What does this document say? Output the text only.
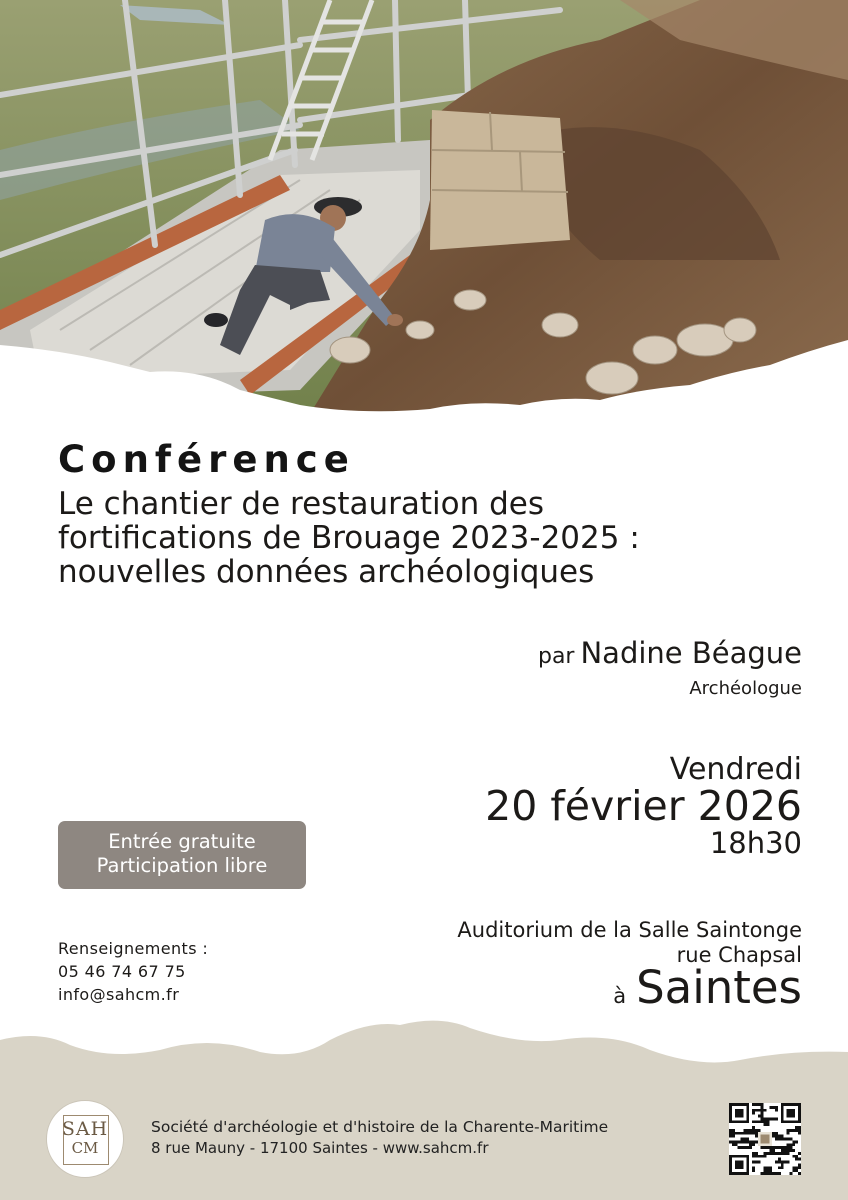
Conférence
Le chantier de restauration des
fortifications de Brouage 2023-2025 :
nouvelles données archéologiques
par Nadine Béague
Archéologue
Vendredi
20 février 2026
18h30
Entrée gratuite
Participation libre
Renseignements :
05 46 74 67 75
info@sahcm.fr
Auditorium de la Salle Saintonge
rue Chapsal
à Saintes
SAH
CM
Société d'archéologie et d'histoire de la Charente-Maritime
8 rue Mauny - 17100 Saintes - www.sahcm.fr
